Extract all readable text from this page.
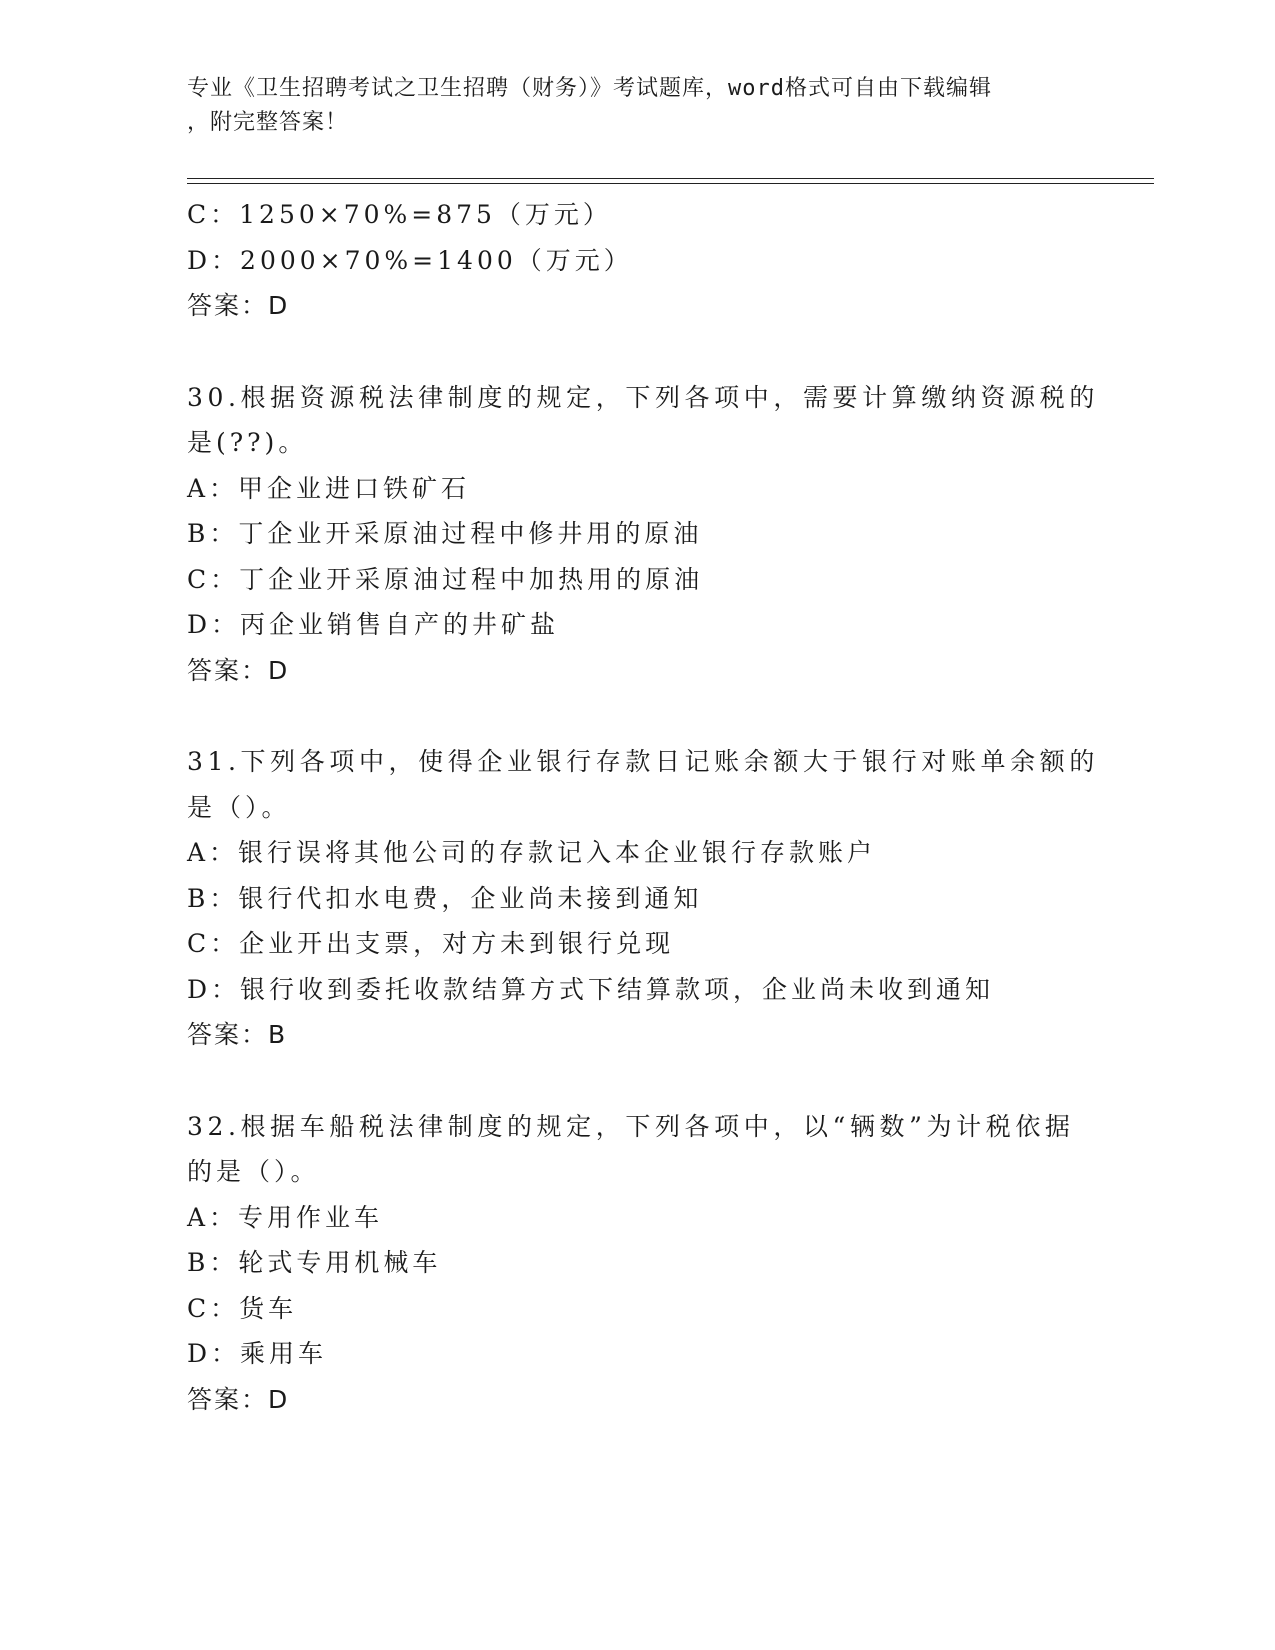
专业《卫生招聘考试之卫生招聘（财务）》考试题库，word格式可自由下载编辑
，附完整答案！
C：1250×70%=875（万元）
D：2000×70%=1400（万元）
答案：D
30.根据资源税法律制度的规定，下列各项中，需要计算缴纳资源税的
是(??)。
A：甲企业进口铁矿石
B：丁企业开采原油过程中修井用的原油
C：丁企业开采原油过程中加热用的原油
D：丙企业销售自产的井矿盐
答案：D
31.下列各项中，使得企业银行存款日记账余额大于银行对账单余额的
是（）。
A：银行误将其他公司的存款记入本企业银行存款账户
B：银行代扣水电费，企业尚未接到通知
C：企业开出支票，对方未到银行兑现
D：银行收到委托收款结算方式下结算款项，企业尚未收到通知
答案：B
32.根据车船税法律制度的规定，下列各项中，以“辆数”为计税依据
的是（）。
A：专用作业车
B：轮式专用机械车
C：货车
D：乘用车
答案：D
